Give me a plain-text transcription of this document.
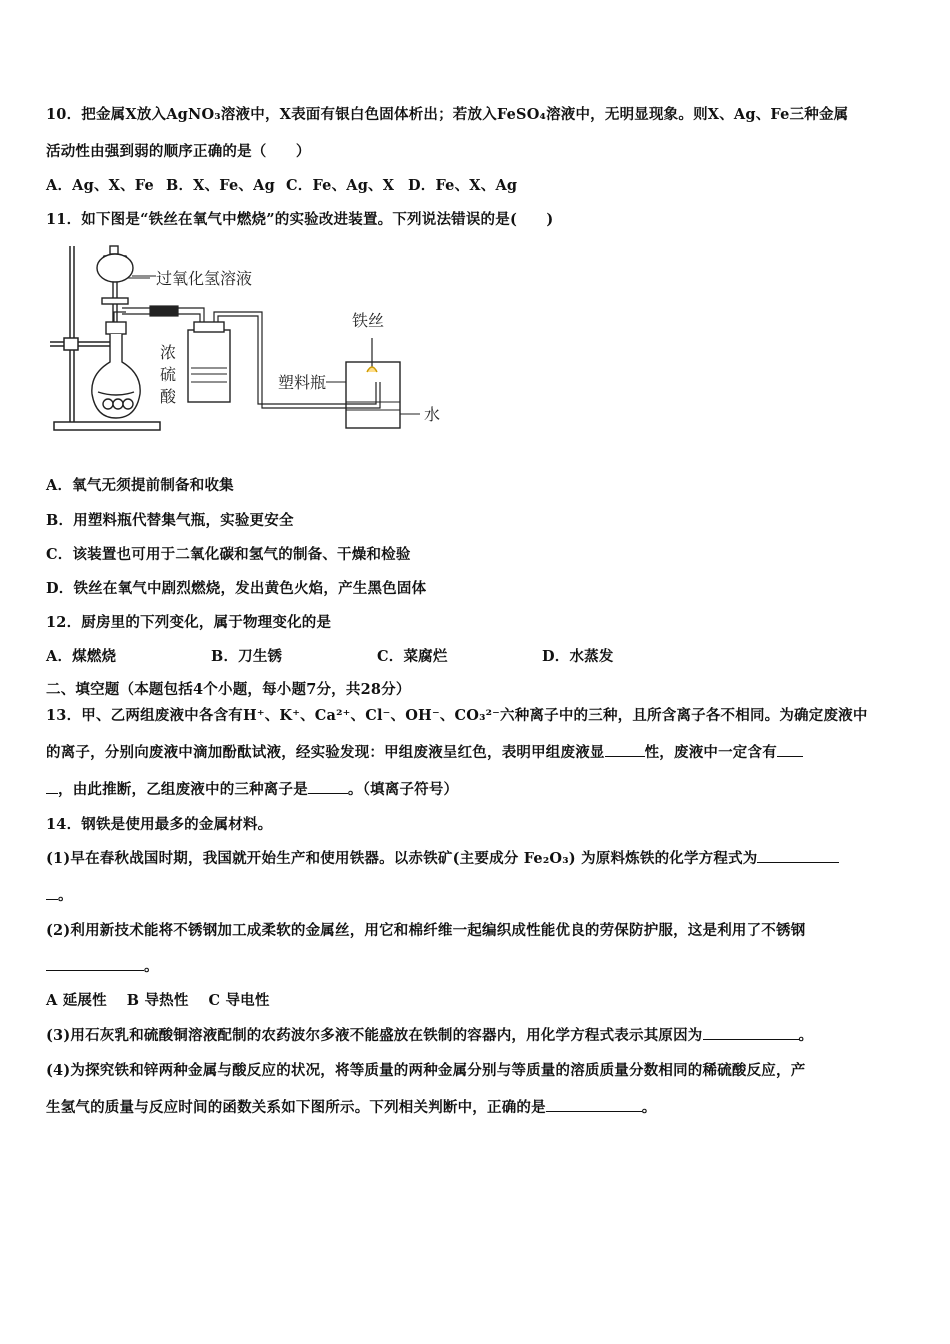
10．把金属X放入AgNO₃溶液中，X表面有银白色固体析出；若放入FeSO₄溶液中，无明显现象。则X、Ag、Fe三种金属
活动性由强到弱的顺序正确的是（　　）
A．Ag、X、Fe B．X、Fe、Ag C．Fe、Ag、X D．Fe、X、Ag
11．如下图是“铁丝在氧气中燃烧”的实验改进装置。下列说法错误的是(　　)
过氧化氢溶液
浓
硫
酸
铁丝
塑料瓶
水
A．氧气无须提前制备和收集
B．用塑料瓶代替集气瓶，实验更安全
C．该装置也可用于二氧化碳和氢气的制备、干燥和检验
D．铁丝在氧气中剧烈燃烧，发出黄色火焰，产生黑色固体
12．厨房里的下列变化，属于物理变化的是
A．煤燃烧	B．刀生锈	C．菜腐烂	D．水蒸发
二、填空题（本题包括4个小题，每小题7分，共28分）
13．甲、乙两组废液中各含有H⁺、K⁺、Ca²⁺、Cl⁻、OH⁻、CO₃²⁻六种离子中的三种，且所含离子各不相同。为确定废液中
的离子，分别向废液中滴加酚酞试液，经实验发现：甲组废液呈红色，表明甲组废液显	性，废液中一定含有
，由此推断，乙组废液中的三种离子是	。（填离子符号）
14．钢铁是使用最多的金属材料。
(1)早在春秋战国时期，我国就开始生产和使用铁器。以赤铁矿(主要成分 Fe₂O₃) 为原料炼铁的化学方程式为
。
(2)利用新技术能将不锈钢加工成柔软的金属丝，用它和棉纤维一起编织成性能优良的劳保防护服，这是利用了不锈钢
。
A 延展性　 B 导热性　 C 导电性
(3)用石灰乳和硫酸铜溶液配制的农药波尔多液不能盛放在铁制的容器内，用化学方程式表示其原因为	。
(4)为探究铁和锌两种金属与酸反应的状况，将等质量的两种金属分别与等质量的溶质质量分数相同的稀硫酸反应，产
生氢气的质量与反应时间的函数关系如下图所示。下列相关判断中，正确的是	。
